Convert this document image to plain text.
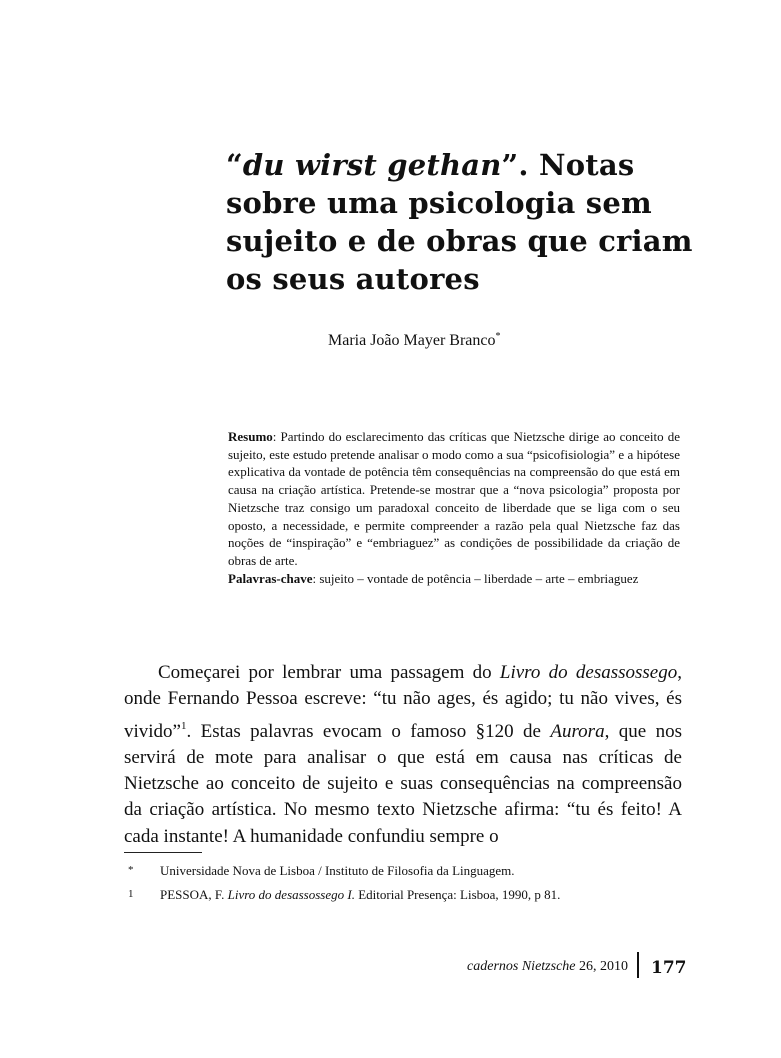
“du wirst gethan”. Notas
sobre uma psicologia sem
sujeito e de obras que criam
os seus autores
Maria João Mayer Branco*
Resumo: Partindo do esclarecimento das críticas que Nietzsche dirige ao conceito de sujeito, este estudo pretende analisar o modo como a sua “psicofisiologia” e a hipótese explicativa da vontade de potência têm consequências na compreensão do que está em causa na criação artística. Pretende-se mostrar que a “nova psicologia” proposta por Nietzsche traz consigo um paradoxal conceito de liberdade que se liga com o seu oposto, a necessidade, e permite compreender a razão pela qual Nietzsche faz das noções de “inspiração” e “embriaguez” as condições de possibilidade da criação de obras de arte.
Palavras-chave: sujeito – vontade de potência – liberdade – arte – embriaguez

Começarei por lembrar uma passagem do Livro do desassossego, onde Fernando Pessoa escreve: “tu não ages, és agido; tu não vives, és vivido”$^1$. Estas palavras evocam o famoso §120 de Aurora, que nos servirá de mote para analisar o que está em causa nas críticas de Nietzsche ao conceito de sujeito e suas consequências na compreensão da criação artística. No mesmo texto Nietzsche afirma: “tu és feito! A cada instante! A humanidade confundiu sempre o

* Universidade Nova de Lisboa / Instituto de Filosofia da Linguagem.
1 PESSOA, F. Livro do desassossego I. Editorial Presença: Lisboa, 1990, p 81.
cadernos Nietzsche 26, 2010 177
